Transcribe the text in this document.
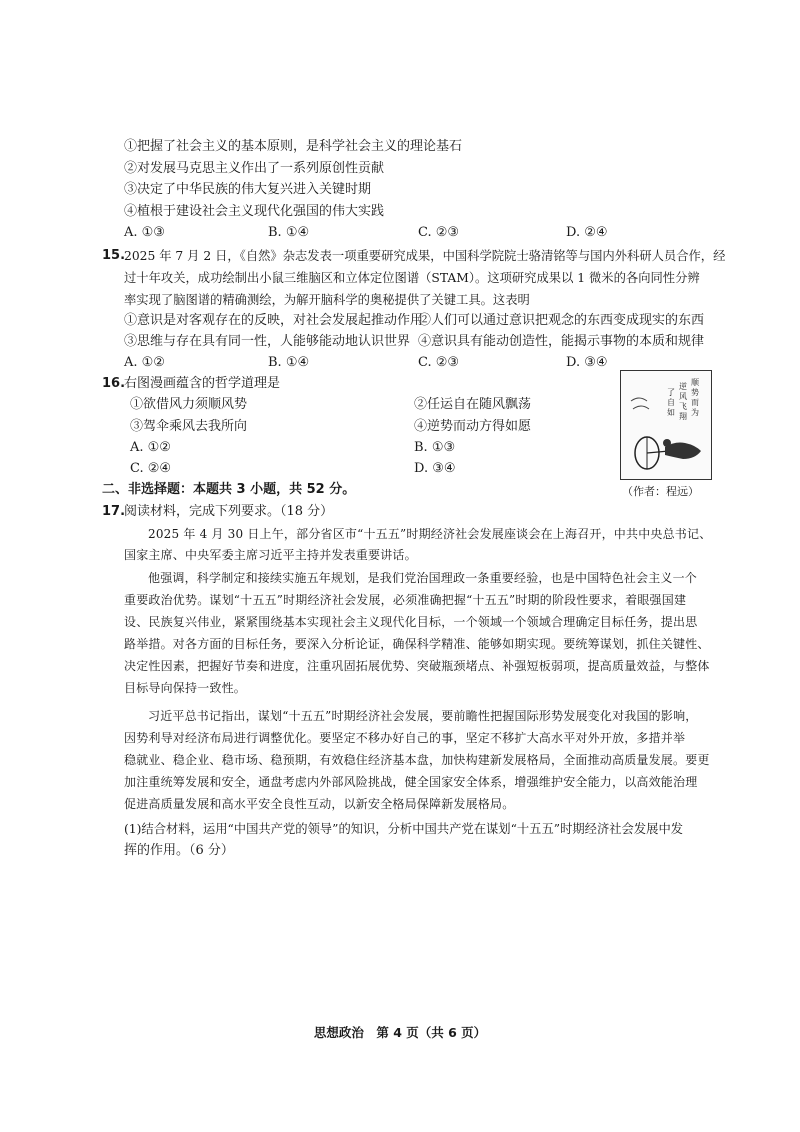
①把握了社会主义的基本原则，是科学社会主义的理论基石
②对发展马克思主义作出了一系列原创性贡献
③决定了中华民族的伟大复兴进入关键时期
④植根于建设社会主义现代化强国的伟大实践
A. ①③	B. ①④	C. ②③	D. ②④
15.
2025 年 7 月 2 日，《自然》杂志发表一项重要研究成果，中国科学院院士骆清铭等与国内外科研人员合作，经
过十年攻关，成功绘制出小鼠三维脑区和立体定位图谱（STAM）。这项研究成果以 1 微米的各向同性分辨
率实现了脑图谱的精确测绘，为解开脑科学的奥秘提供了关键工具。这表明
①意识是对客观存在的反映，对社会发展起推动作用
②人们可以通过意识把观念的东西变成现实的东西
③思维与存在具有同一性，人能够能动地认识世界 ④意识具有能动创造性，能揭示事物的本质和规律
A. ①②	B. ①④	C. ②③	D. ③④
16.
右图漫画蕴含的哲学道理是
①欲借风力须顺风势	②任运自在随风飘荡
③驾伞乘风去我所向	④逆势而动方得如愿
A. ①②	B. ①③
C. ②④	D. ③④
顺
势
而
为
逆
风
飞
翔
了
自
如
（作者：程远）
二、非选择题：本题共 3 小题，共 52 分。
17.
阅读材料，完成下列要求。（18 分）
2025 年 4 月 30 日上午，部分省区市“十五五”时期经济社会发展座谈会在上海召开，中共中央总书记、
国家主席、中央军委主席习近平主持并发表重要讲话。
他强调，科学制定和接续实施五年规划，是我们党治国理政一条重要经验，也是中国特色社会主义一个
重要政治优势。谋划“十五五”时期经济社会发展，必须准确把握“十五五”时期的阶段性要求，着眼强国建
设、民族复兴伟业，紧紧围绕基本实现社会主义现代化目标，一个领域一个领域合理确定目标任务，提出思
路举措。对各方面的目标任务，要深入分析论证，确保科学精准、能够如期实现。要统筹谋划，抓住关键性、
决定性因素，把握好节奏和进度，注重巩固拓展优势、突破瓶颈堵点、补强短板弱项，提高质量效益，与整体
目标导向保持一致性。
习近平总书记指出，谋划“十五五”时期经济社会发展，要前瞻性把握国际形势发展变化对我国的影响，
因势利导对经济布局进行调整优化。要坚定不移办好自己的事，坚定不移扩大高水平对外开放，多措并举
稳就业、稳企业、稳市场、稳预期，有效稳住经济基本盘，加快构建新发展格局，全面推动高质量发展。要更
加注重统筹发展和安全，通盘考虑内外部风险挑战，健全国家安全体系，增强维护安全能力，以高效能治理
促进高质量发展和高水平安全良性互动，以新安全格局保障新发展格局。
(1)结合材料，运用“中国共产党的领导”的知识，分析中国共产党在谋划“十五五”时期经济社会发展中发
挥的作用。（6 分）
思想政治　第 4 页（共 6 页）
